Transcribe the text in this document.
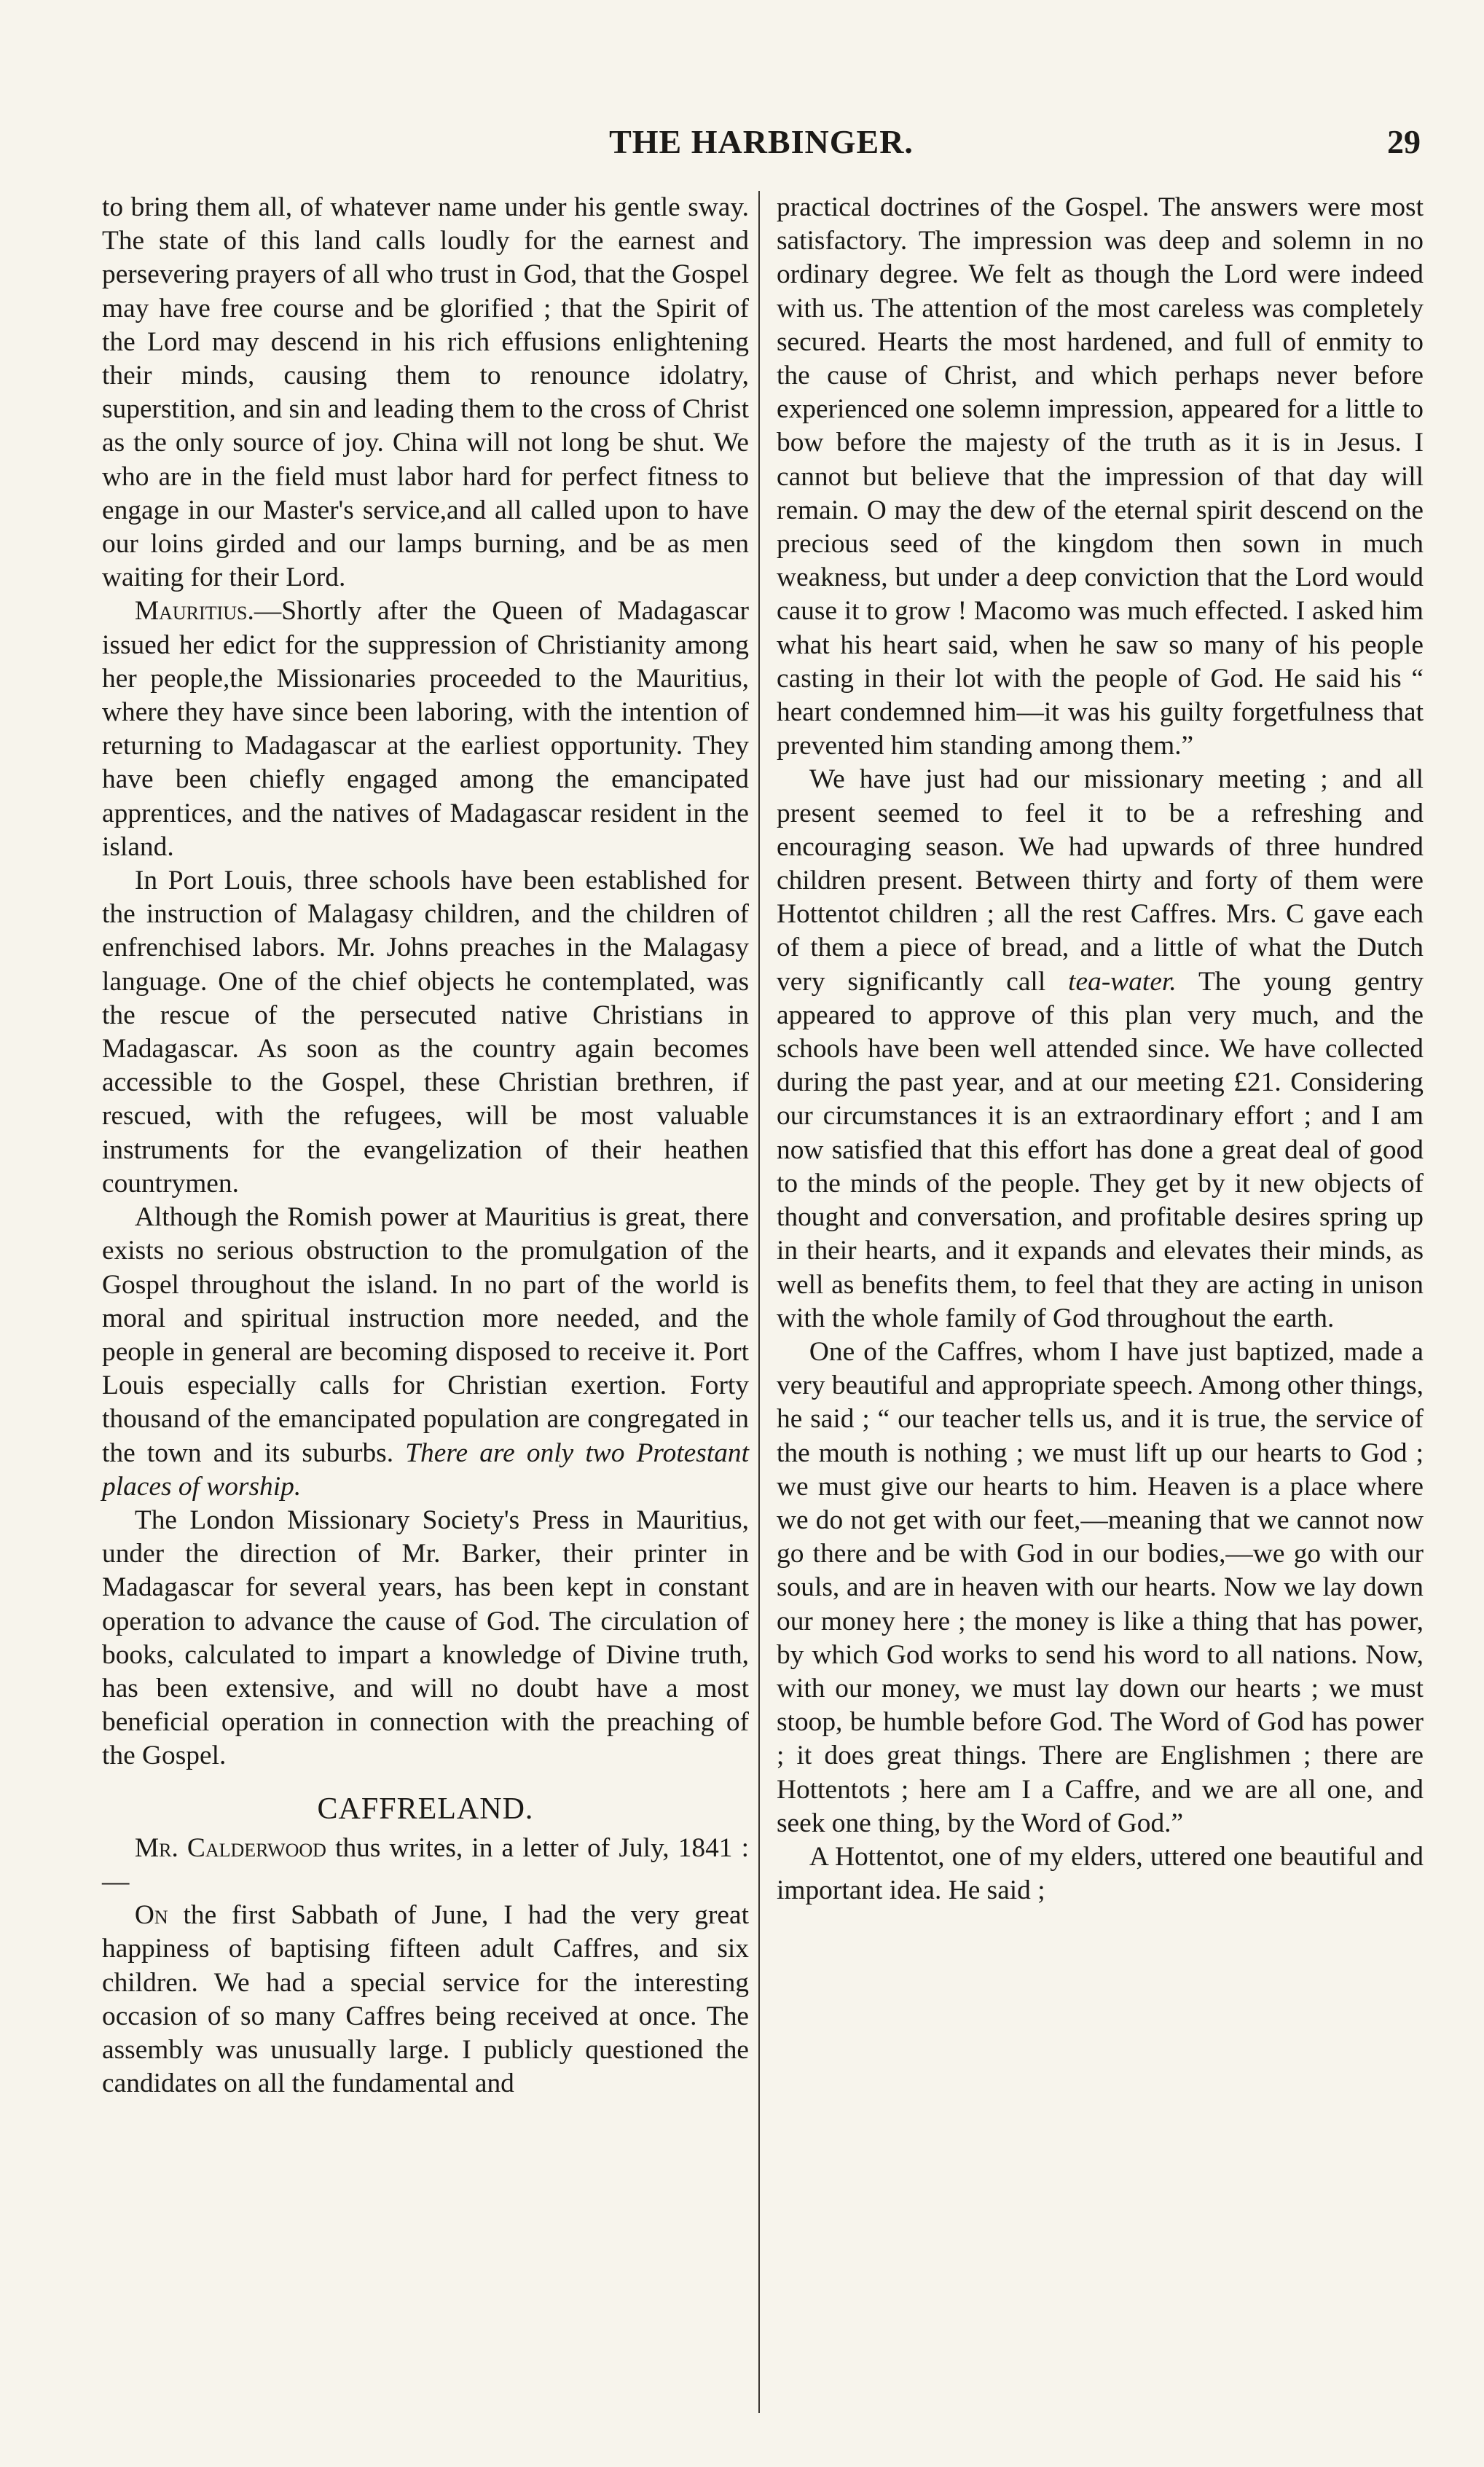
THE HARBINGER.	29

to bring them all, of whatever name under his gentle sway. The state of this land calls loudly for the earnest and persevering prayers of all who trust in God, that the Gospel may have free course and be glorified ; that the Spirit of the Lord may descend in his rich effusions enlightening their minds, causing them to renounce idolatry, superstition, and sin and leading them to the cross of Christ as the only source of joy. China will not long be shut. We who are in the field must labor hard for perfect fitness to engage in our Master's service,and all called upon to have our loins girded and our lamps burning, and be as men waiting for their Lord.

Mauritius.—Shortly after the Queen of Madagascar issued her edict for the suppression of Christianity among her people,the Missionaries proceeded to the Mauritius, where they have since been laboring, with the intention of returning to Madagascar at the earliest opportunity. They have been chiefly engaged among the emancipated apprentices, and the natives of Madagascar resident in the island.

In Port Louis, three schools have been established for the instruction of Malagasy children, and the children of enfrenchised labors. Mr. Johns preaches in the Malagasy language. One of the chief objects he contemplated, was the rescue of the persecuted native Christians in Madagascar. As soon as the country again becomes accessible to the Gospel, these Christian brethren, if rescued, with the refugees, will be most valuable instruments for the evangelization of their heathen countrymen.

Although the Romish power at Mauritius is great, there exists no serious obstruction to the promulgation of the Gospel throughout the island. In no part of the world is moral and spiritual instruction more needed, and the people in general are becoming disposed to receive it. Port Louis especially calls for Christian exertion. Forty thousand of the emancipated population are congregated in the town and its suburbs. There are only two Protestant places of worship.

The London Missionary Society's Press in Mauritius, under the direction of Mr. Barker, their printer in Madagascar for several years, has been kept in constant operation to advance the cause of God. The circulation of books, calculated to impart a knowledge of Divine truth, has been extensive, and will no doubt have a most beneficial operation in connection with the preaching of the Gospel.

CAFFRELAND.

Mr. Calderwood thus writes, in a letter of July, 1841 :—

On the first Sabbath of June, I had the very great happiness of baptising fifteen adult Caffres, and six children. We had a special service for the interesting occasion of so many Caffres being received at once. The assembly was unusually large. I publicly questioned the candidates on all the fundamental and

practical doctrines of the Gospel. The answers were most satisfactory. The impression was deep and solemn in no ordinary degree. We felt as though the Lord were indeed with us. The attention of the most careless was completely secured. Hearts the most hardened, and full of enmity to the cause of Christ, and which perhaps never before experienced one solemn impression, appeared for a little to bow before the majesty of the truth as it is in Jesus. I cannot but believe that the impression of that day will remain. O may the dew of the eternal spirit descend on the precious seed of the kingdom then sown in much weakness, but under a deep conviction that the Lord would cause it to grow ! Macomo was much effected. I asked him what his heart said, when he saw so many of his people casting in their lot with the people of God. He said his “ heart condemned him—it was his guilty forgetfulness that prevented him standing among them.”

We have just had our missionary meeting ; and all present seemed to feel it to be a refreshing and encouraging season. We had upwards of three hundred children present. Between thirty and forty of them were Hottentot children ; all the rest Caffres. Mrs. C gave each of them a piece of bread, and a little of what the Dutch very significantly call tea-water. The young gentry appeared to approve of this plan very much, and the schools have been well attended since. We have collected during the past year, and at our meeting £21. Considering our circumstances it is an extraordinary effort ; and I am now satisfied that this effort has done a great deal of good to the minds of the people. They get by it new objects of thought and conversation, and profitable desires spring up in their hearts, and it expands and elevates their minds, as well as benefits them, to feel that they are acting in unison with the whole family of God throughout the earth.

One of the Caffres, whom I have just baptized, made a very beautiful and appropriate speech. Among other things, he said ; “ our teacher tells us, and it is true, the service of the mouth is nothing ; we must lift up our hearts to God ; we must give our hearts to him. Heaven is a place where we do not get with our feet,—meaning that we cannot now go there and be with God in our bodies,—we go with our souls, and are in heaven with our hearts. Now we lay down our money here ; the money is like a thing that has power, by which God works to send his word to all nations. Now, with our money, we must lay down our hearts ; we must stoop, be humble before God. The Word of God has power ; it does great things. There are Englishmen ; there are Hottentots ; here am I a Caffre, and we are all one, and seek one thing, by the Word of God.”

A Hottentot, one of my elders, uttered one beautiful and important idea. He said ;
